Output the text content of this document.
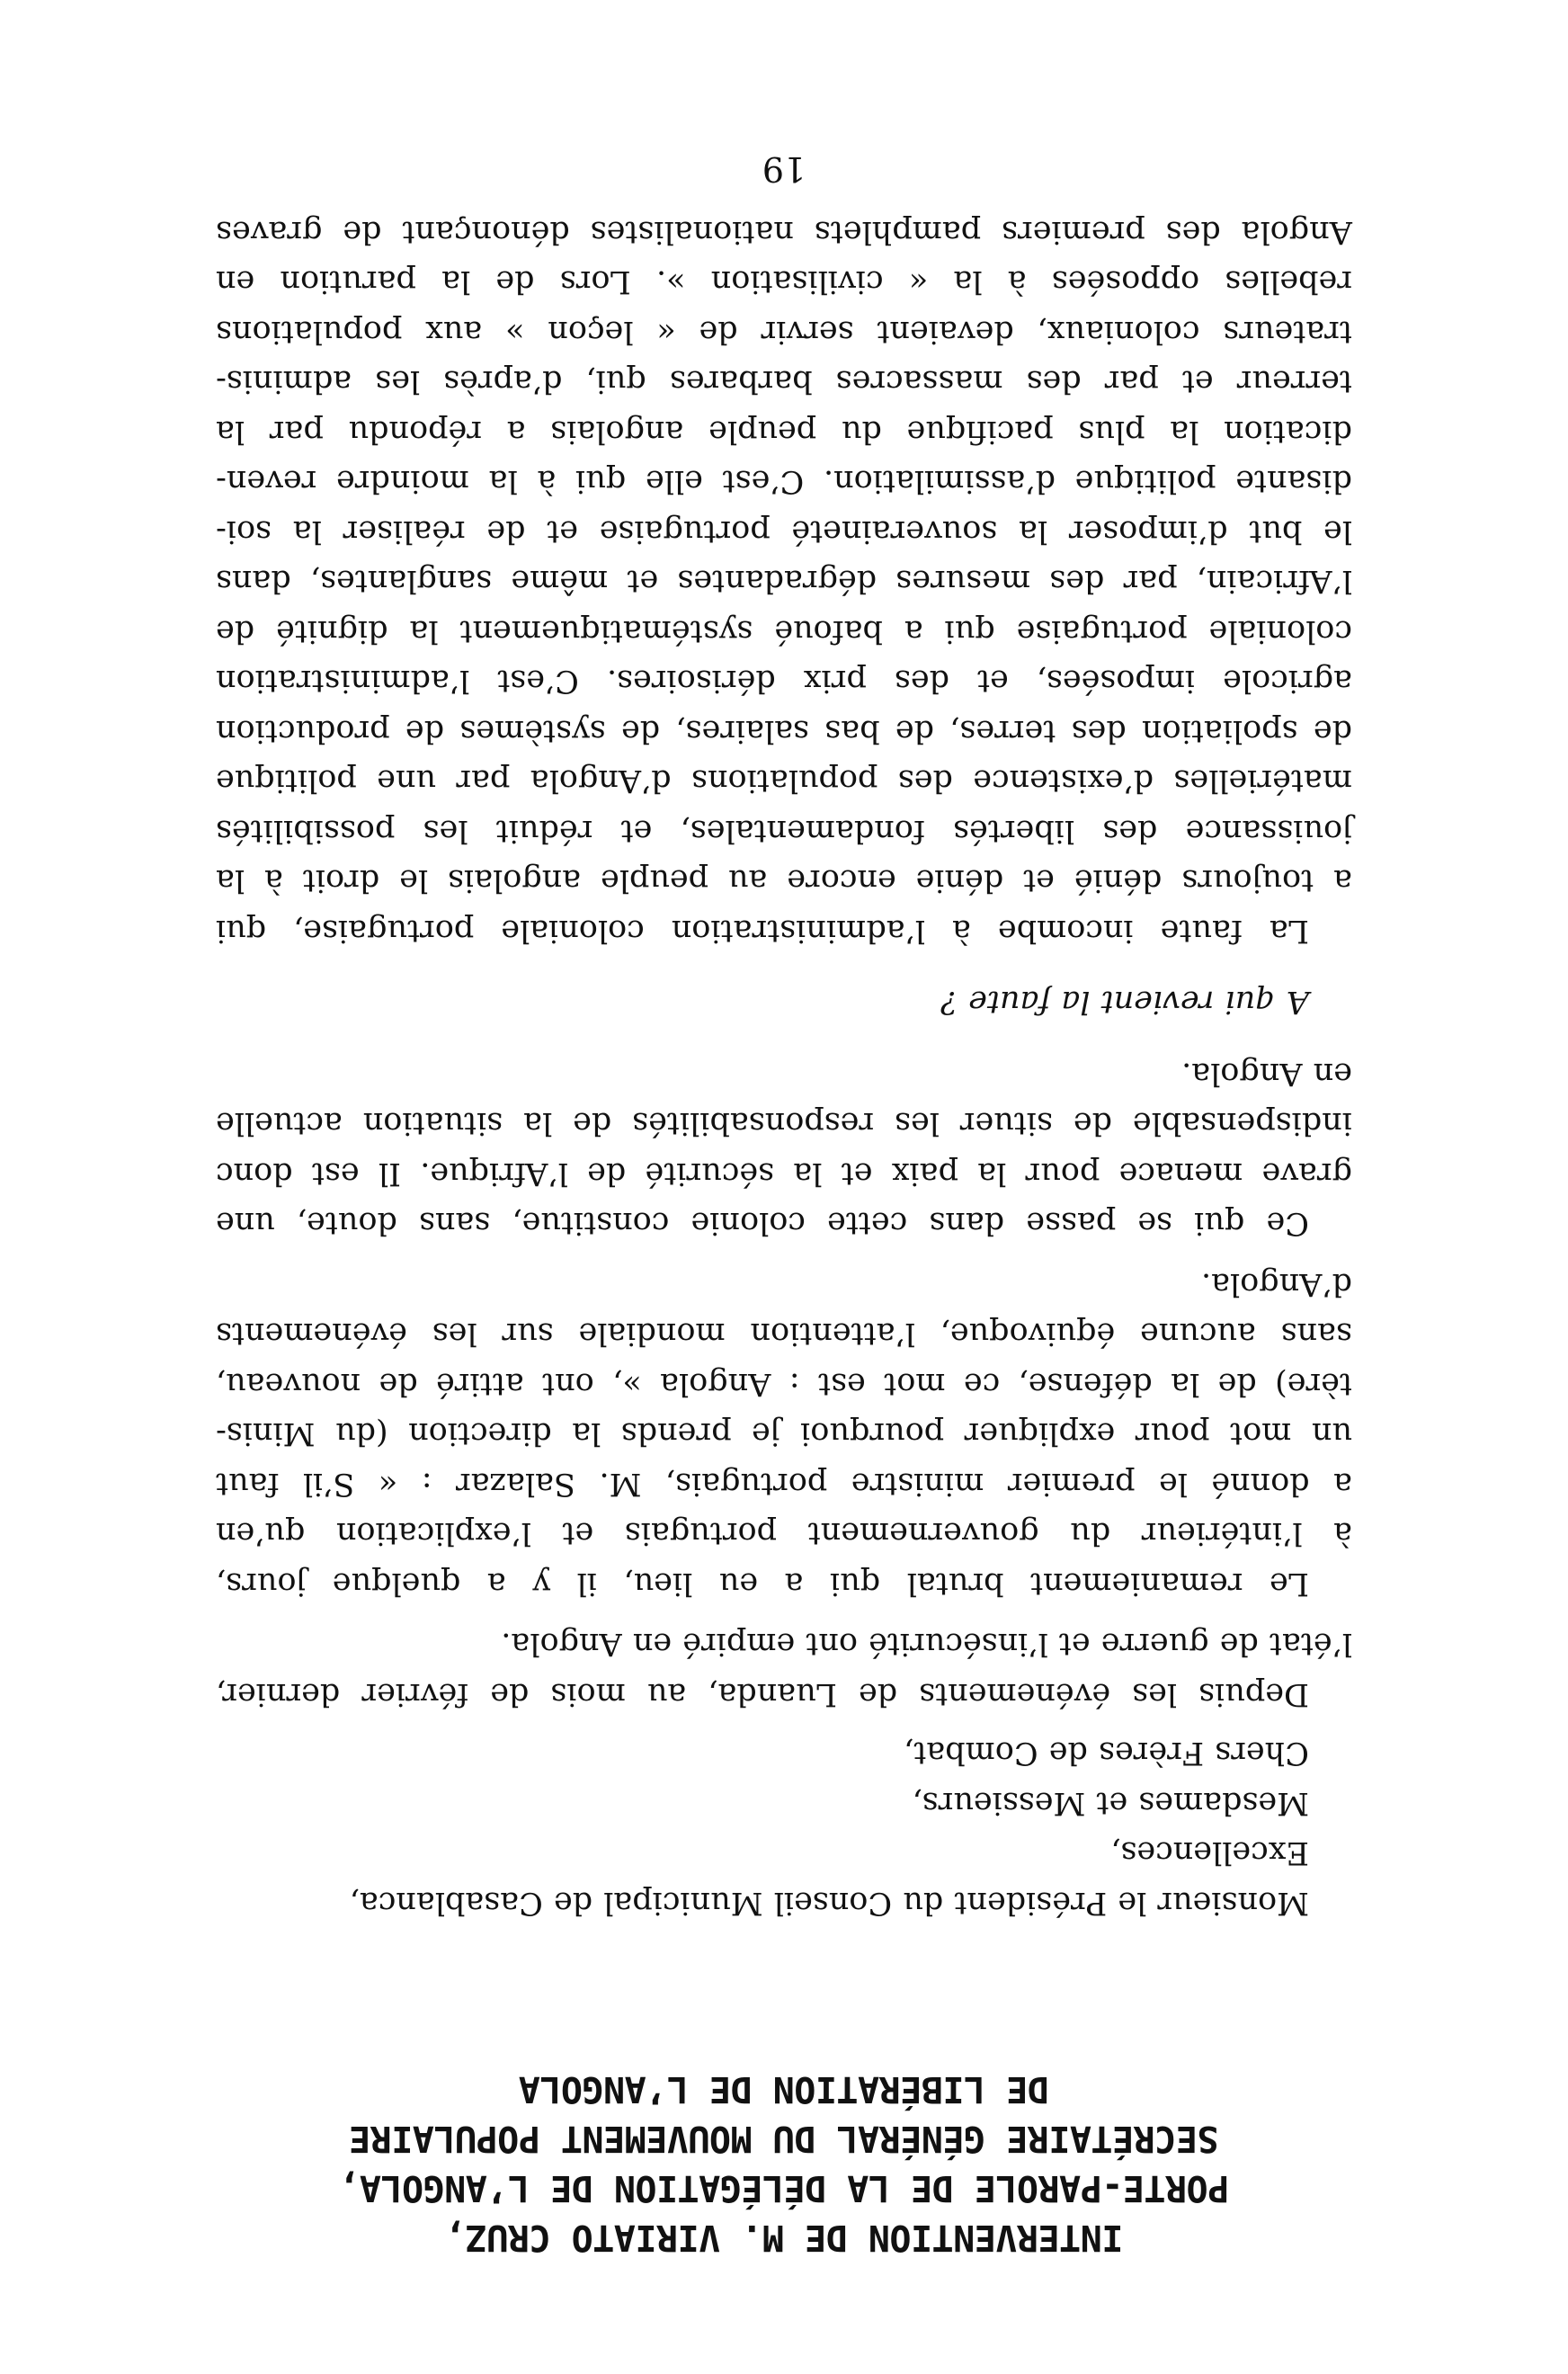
INTERVENTION DE M. VIRIATO CRUZ,
PORTE-PAROLE DE LA DÉLÉGATION DE L’ANGOLA,
SECRÉTAIRE GÉNÉRAL DU MOUVEMENT POPULAIRE
DE LIBÉRATION DE L’ANGOLA
Monsieur le Président du Conseil Municipal de Casablanca,
Excellences,
Mesdames et Messieurs,
Chers Frères de Combat,
Depuis les événements de Luanda, au mois de février dernier,
l’état de guerre et l’insécurité ont empiré en Angola.
Le remaniement brutal qui a eu lieu, il y a quelque jours,
à l’intérieur du gouvernement portugais et l’explication qu’en
a donné le premier ministre portugais, M. Salazar : « S’il faut
un mot pour expliquer pourquoi je prends la direction (du Minis-
tère) de la défense, ce mot est : Angola », ont attiré de nouveau,
sans aucune équivoque, l’attention mondiale sur les événements
d’Angola.
Ce qui se passe dans cette colonie constitue, sans doute, une
grave menace pour la paix et la sécurité de l’Afrique. Il est donc
indispensable de situer les responsabilités de la situation actuelle
en Angola.
A qui revient la faute ?
La faute incombe à l’administration coloniale portugaise, qui
a toujours dénié et dénie encore au peuple angolais le droit à la
jouissance des libertés fondamentales, et réduit les possibilités
matérielles d’existence des populations d’Angola par une politique
de spoliation des terres, de bas salaires, de systèmes de production
agricole imposées, et des prix dérisoires. C’est l’administration
coloniale portugaise qui a bafoué systématiquement la dignité de
l’Africain, par des mesures dégradantes et même sanglantes, dans
le but d’imposer la souveraineté portugaise et de réaliser la soi-
disante politique d’assimilation. C’est elle qui à la moindre reven-
dication la plus pacifique du peuple angolais a répondu par la
terreur et par des massacres barbares qui, d’après les adminis-
trateurs coloniaux, devaient servir de « leçon » aux populations
rebelles opposées à la « civilisation ». Lors de la parution en
Angola des premiers pamphlets nationalistes dénonçant de graves
19
